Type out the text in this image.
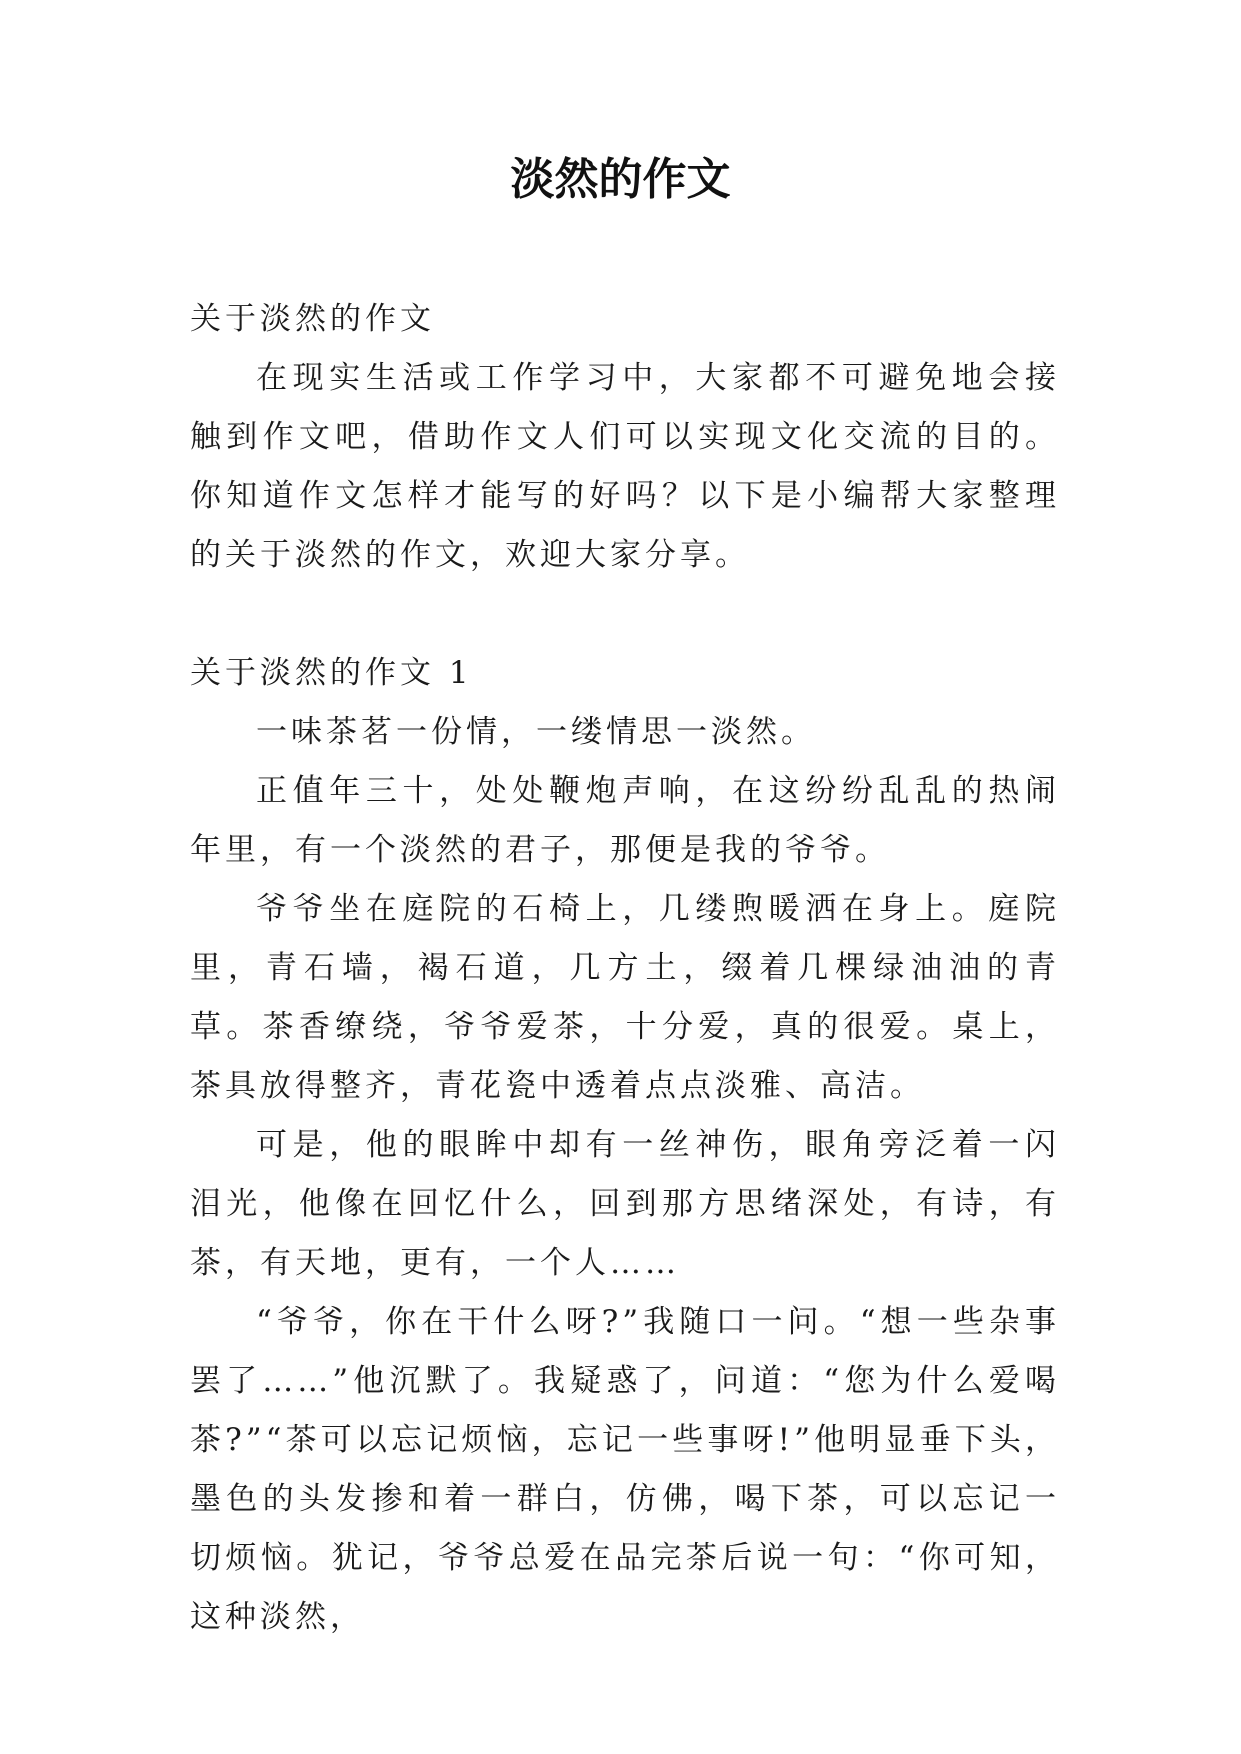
淡然的作文

关于淡然的作文

在现实生活或工作学习中，大家都不可避免地会接触到作文吧，借助作文人们可以实现文化交流的目的。你知道作文怎样才能写的好吗？以下是小编帮大家整理的关于淡然的作文，欢迎大家分享。

关于淡然的作文 1

一味茶茗一份情，一缕情思一淡然。

正值年三十，处处鞭炮声响，在这纷纷乱乱的热闹年里，有一个淡然的君子，那便是我的爷爷。

爷爷坐在庭院的石椅上，几缕煦暖洒在身上。庭院里，青石墙，褐石道，几方土，缀着几棵绿油油的青草。茶香缭绕，爷爷爱茶，十分爱，真的很爱。桌上，茶具放得整齐，青花瓷中透着点点淡雅、高洁。

可是，他的眼眸中却有一丝神伤，眼角旁泛着一闪泪光，他像在回忆什么，回到那方思绪深处，有诗，有茶，有天地，更有，一个人……

“爷爷，你在干什么呀?”我随口一问。“想一些杂事罢了……”他沉默了。我疑惑了，问道：“您为什么爱喝茶?”“茶可以忘记烦恼，忘记一些事呀!”他明显垂下头，墨色的头发掺和着一群白，仿佛，喝下茶，可以忘记一切烦恼。犹记，爷爷总爱在品完茶后说一句：“你可知，这种淡然，
